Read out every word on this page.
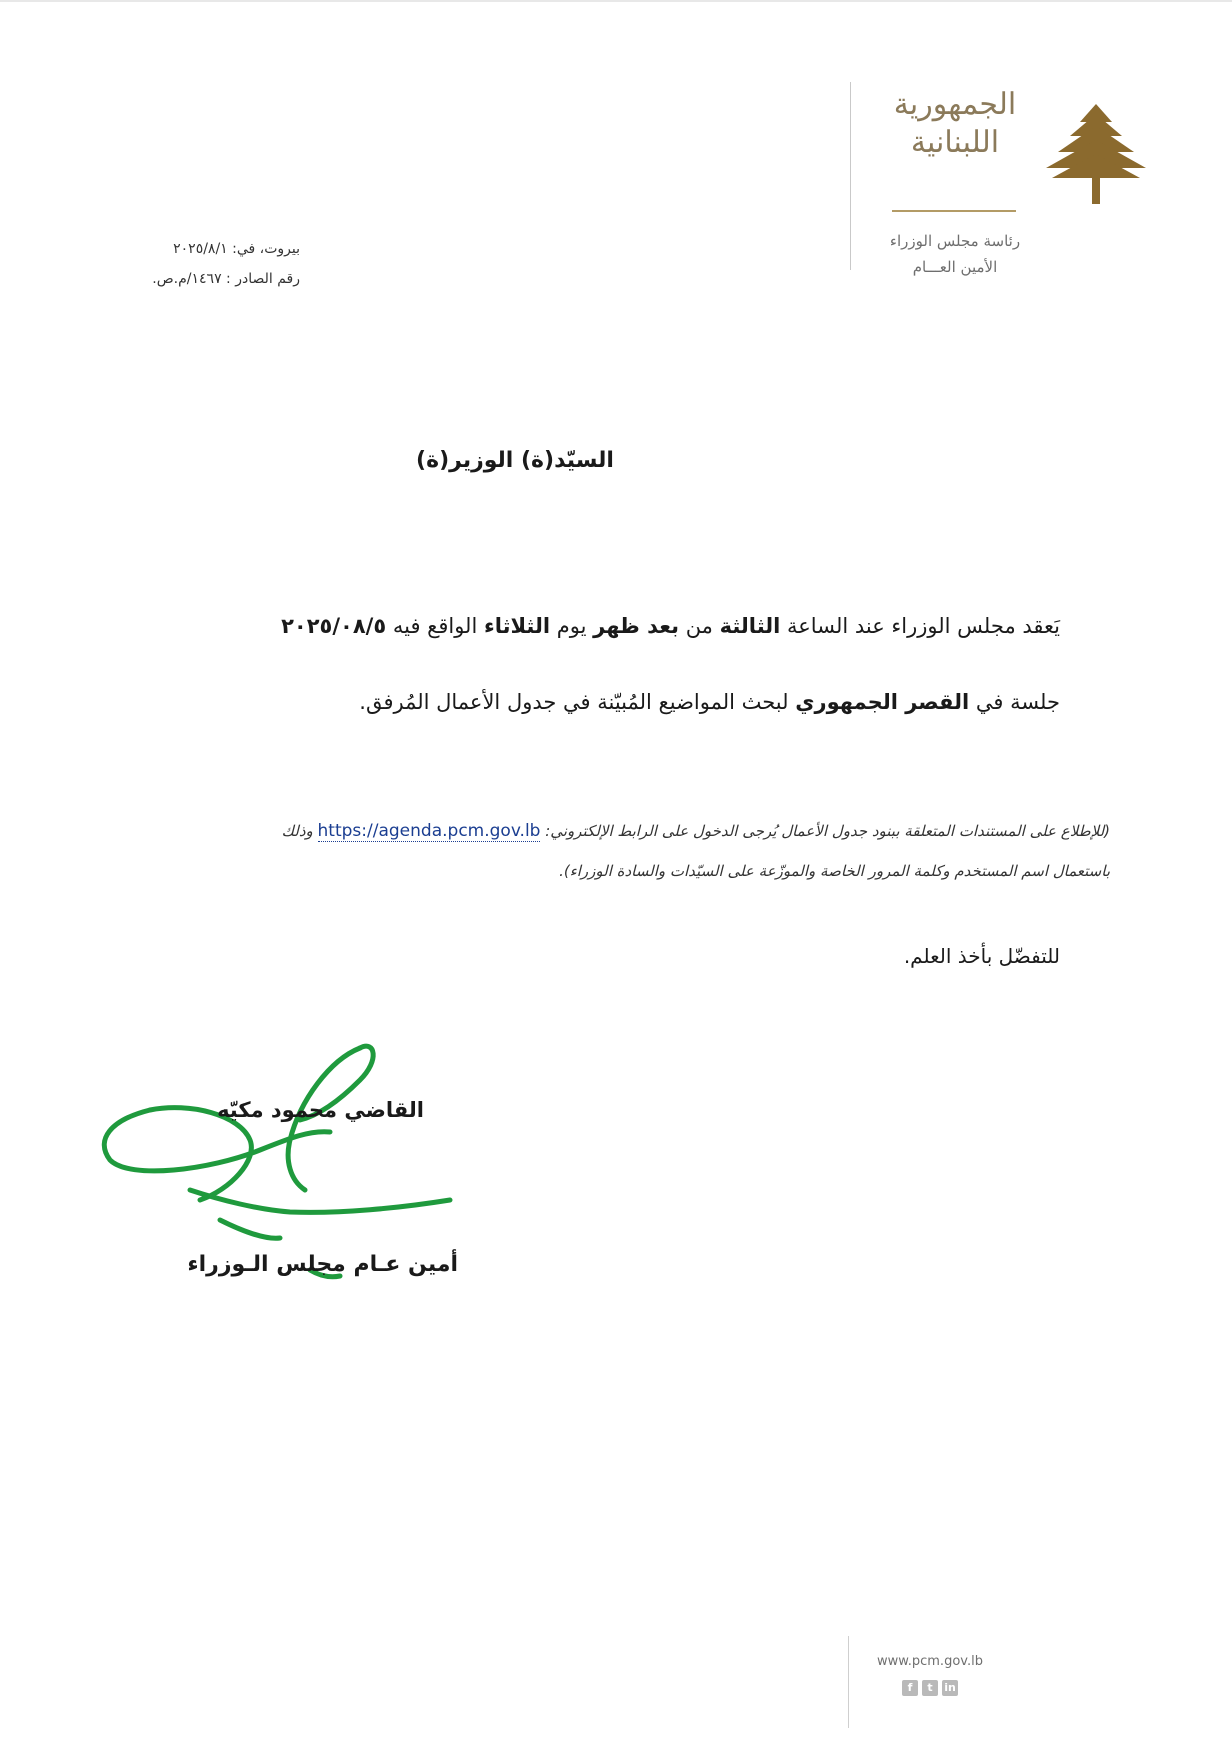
الجمهورية
اللبنانية
رئاسة مجلس الوزراء
الأمين العـــام
بيروت، في: ٢٠٢٥/٨/١
رقم الصادر : ١٤٦٧/م.ص.
السيّد(ة) الوزير(ة)
يَعقد مجلس الوزراء عند الساعة الثالثة من بعد ظهر يوم الثلاثاء الواقع فيه ٢٠٢٥/٠٨/٥
جلسة في القصر الجمهوري لبحث المواضيع المُبيّنة في جدول الأعمال المُرفق.
(للإطلاع على المستندات المتعلقة ببنود جدول الأعمال يُرجى الدخول على الرابط الإلكتروني: https://agenda.pcm.gov.lb وذلك
باستعمال اسم المستخدم وكلمة المرور الخاصة والموزّعة على السيّدات والسادة الوزراء).
للتفضّل بأخذ العلم.
القاضي محمود مكيّه
أمين عـام مجلس الـوزراء
www.pcm.gov.lb
f	t	in
